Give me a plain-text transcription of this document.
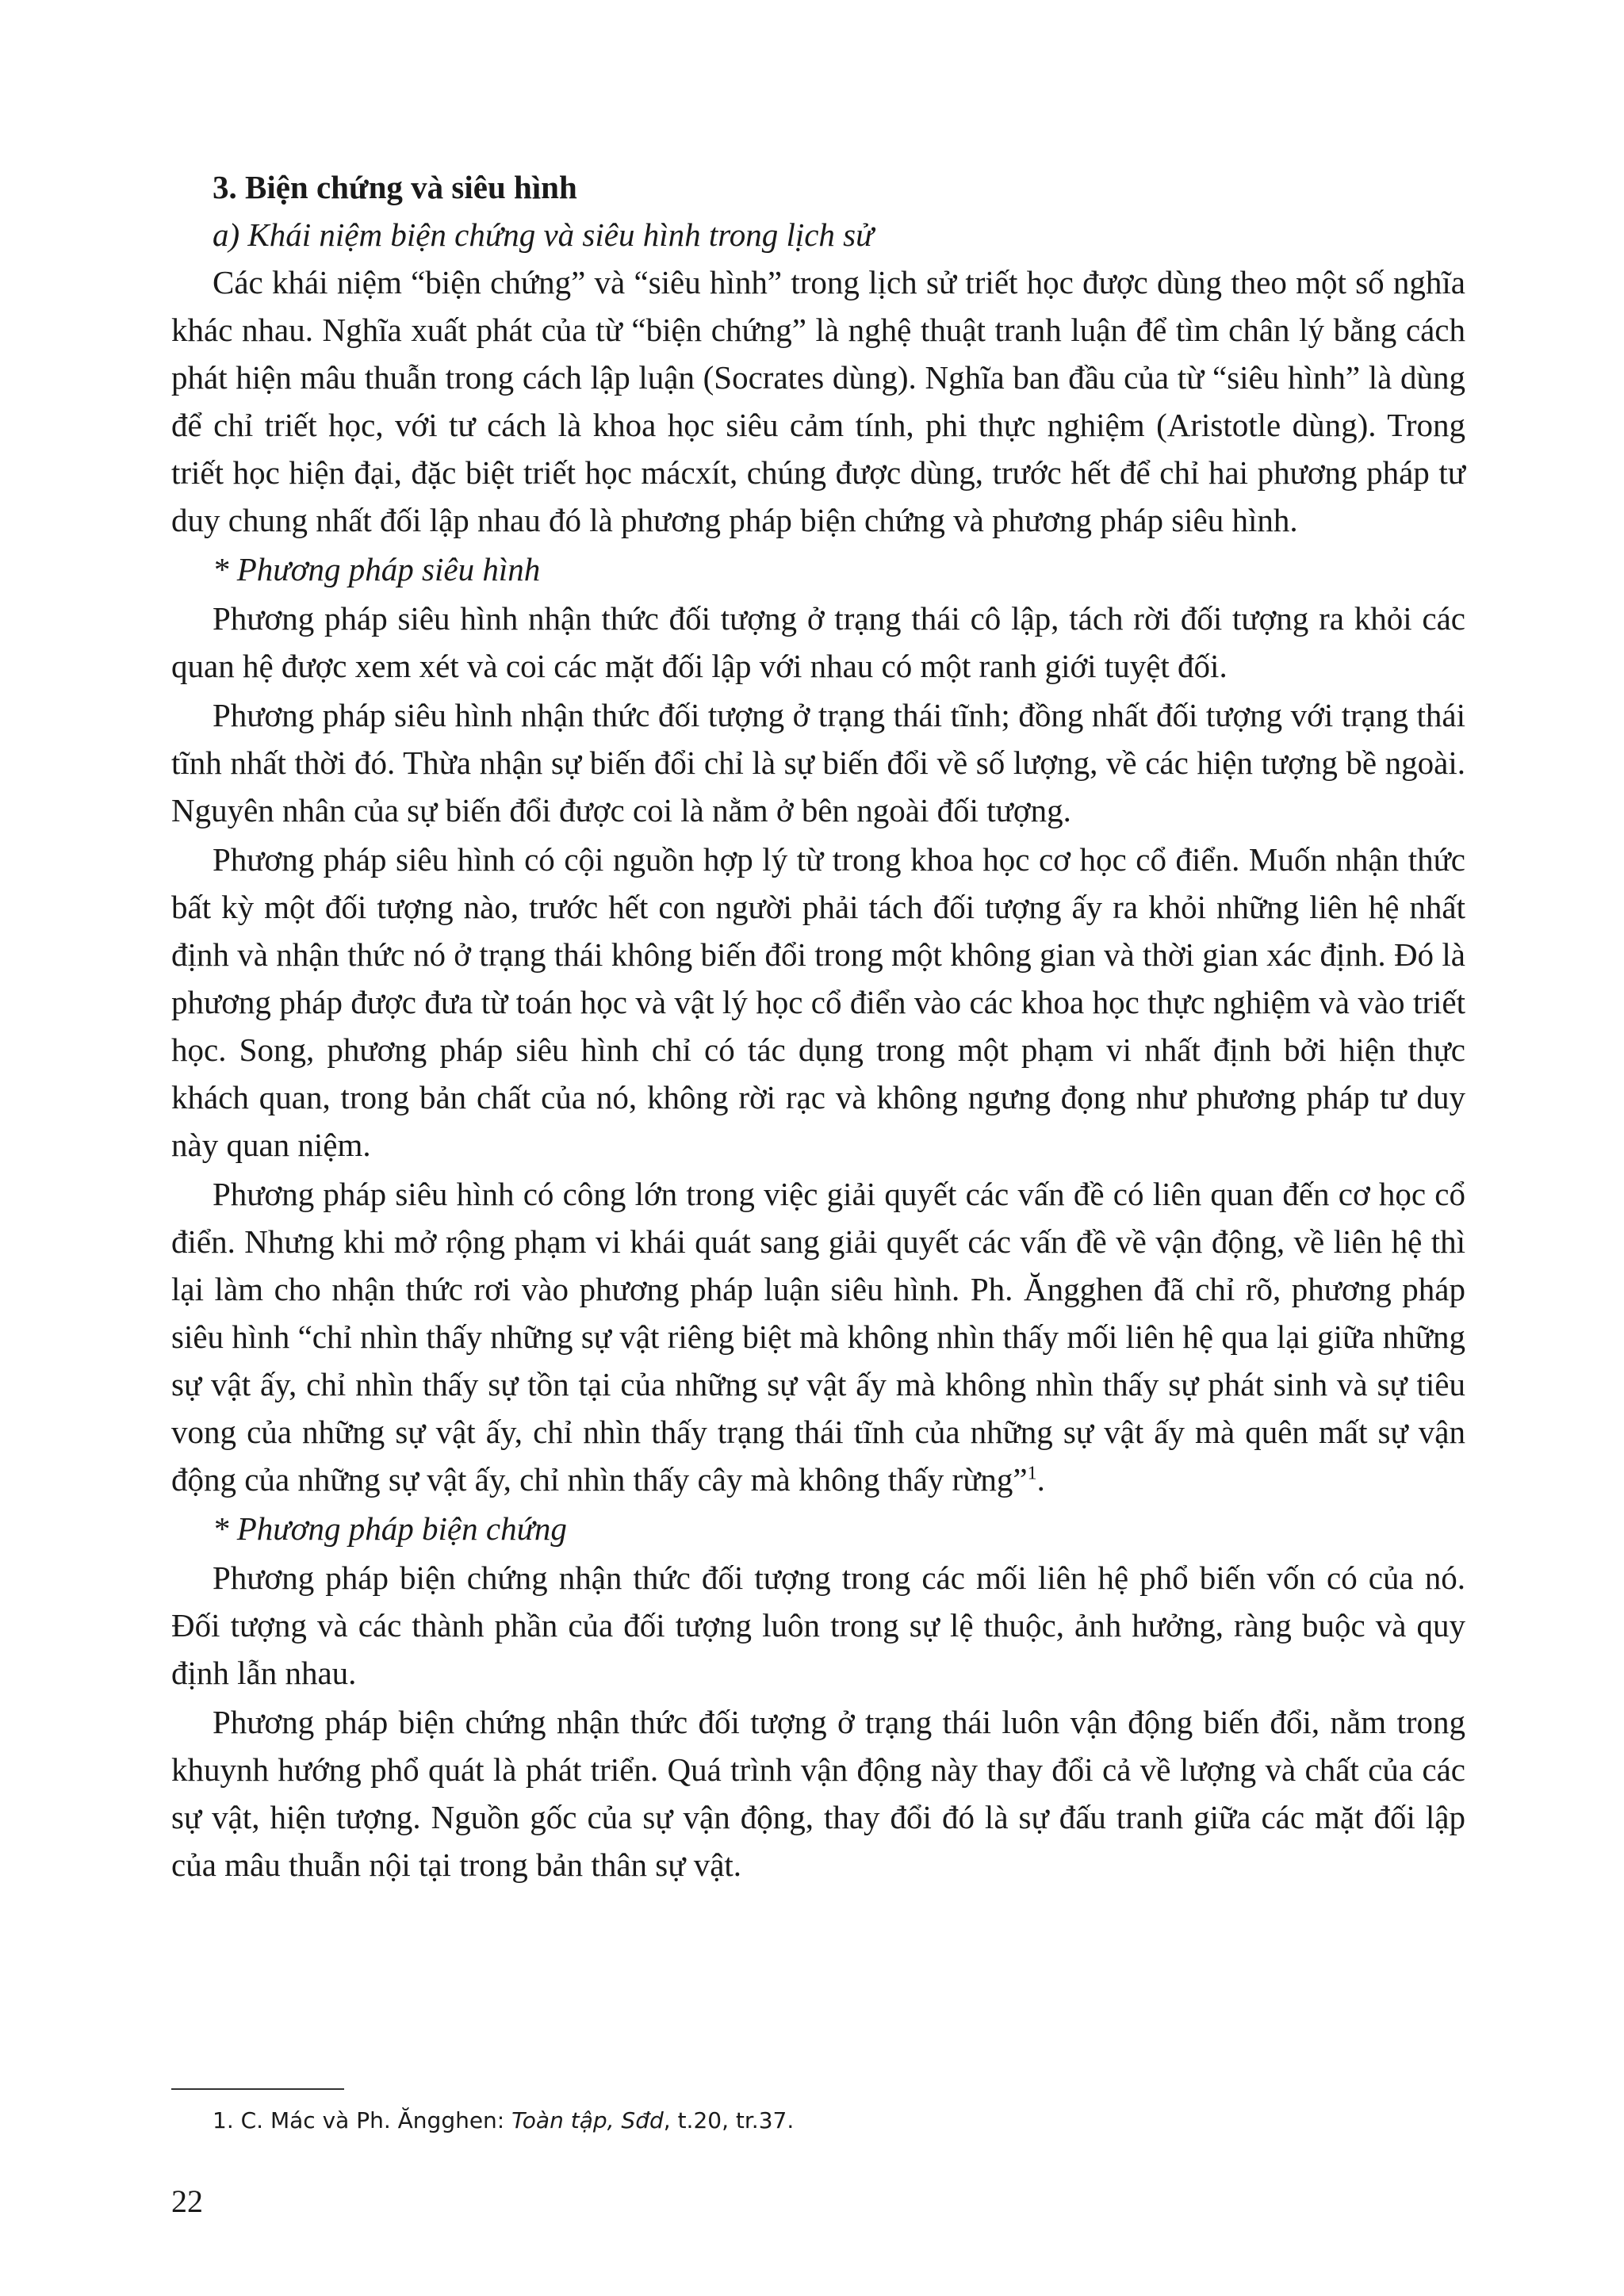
3. Biện chứng và siêu hình

a) Khái niệm biện chứng và siêu hình trong lịch sử

Các khái niệm “biện chứng” và “siêu hình” trong lịch sử triết học được dùng theo một số nghĩa khác nhau. Nghĩa xuất phát của từ “biện chứng” là nghệ thuật tranh luận để tìm chân lý bằng cách phát hiện mâu thuẫn trong cách lập luận (Socrates dùng). Nghĩa ban đầu của từ “siêu hình” là dùng để chỉ triết học, với tư cách là khoa học siêu cảm tính, phi thực nghiệm (Aristotle dùng). Trong triết học hiện đại, đặc biệt triết học mácxít, chúng được dùng, trước hết để chỉ hai phương pháp tư duy chung nhất đối lập nhau đó là phương pháp biện chứng và phương pháp siêu hình.

* Phương pháp siêu hình

Phương pháp siêu hình nhận thức đối tượng ở trạng thái cô lập, tách rời đối tượng ra khỏi các quan hệ được xem xét và coi các mặt đối lập với nhau có một ranh giới tuyệt đối.

Phương pháp siêu hình nhận thức đối tượng ở trạng thái tĩnh; đồng nhất đối tượng với trạng thái tĩnh nhất thời đó. Thừa nhận sự biến đổi chỉ là sự biến đổi về số lượng, về các hiện tượng bề ngoài. Nguyên nhân của sự biến đổi được coi là nằm ở bên ngoài đối tượng.

Phương pháp siêu hình có cội nguồn hợp lý từ trong khoa học cơ học cổ điển. Muốn nhận thức bất kỳ một đối tượng nào, trước hết con người phải tách đối tượng ấy ra khỏi những liên hệ nhất định và nhận thức nó ở trạng thái không biến đổi trong một không gian và thời gian xác định. Đó là phương pháp được đưa từ toán học và vật lý học cổ điển vào các khoa học thực nghiệm và vào triết học. Song, phương pháp siêu hình chỉ có tác dụng trong một phạm vi nhất định bởi hiện thực khách quan, trong bản chất của nó, không rời rạc và không ngưng đọng như phương pháp tư duy này quan niệm.

Phương pháp siêu hình có công lớn trong việc giải quyết các vấn đề có liên quan đến cơ học cổ điển. Nhưng khi mở rộng phạm vi khái quát sang giải quyết các vấn đề về vận động, về liên hệ thì lại làm cho nhận thức rơi vào phương pháp luận siêu hình. Ph. Ăngghen đã chỉ rõ, phương pháp siêu hình “chỉ nhìn thấy những sự vật riêng biệt mà không nhìn thấy mối liên hệ qua lại giữa những sự vật ấy, chỉ nhìn thấy sự tồn tại của những sự vật ấy mà không nhìn thấy sự phát sinh và sự tiêu vong của những sự vật ấy, chỉ nhìn thấy trạng thái tĩnh của những sự vật ấy mà quên mất sự vận động của những sự vật ấy, chỉ nhìn thấy cây mà không thấy rừng”$^1$.

* Phương pháp biện chứng

Phương pháp biện chứng nhận thức đối tượng trong các mối liên hệ phổ biến vốn có của nó. Đối tượng và các thành phần của đối tượng luôn trong sự lệ thuộc, ảnh hưởng, ràng buộc và quy định lẫn nhau.

Phương pháp biện chứng nhận thức đối tượng ở trạng thái luôn vận động biến đổi, nằm trong khuynh hướng phổ quát là phát triển. Quá trình vận động này thay đổi cả về lượng và chất của các sự vật, hiện tượng. Nguồn gốc của sự vận động, thay đổi đó là sự đấu tranh giữa các mặt đối lập của mâu thuẫn nội tại trong bản thân sự vật.

1. C. Mác và Ph. Ăngghen: Toàn tập, Sđd, t.20, tr.37.
22
